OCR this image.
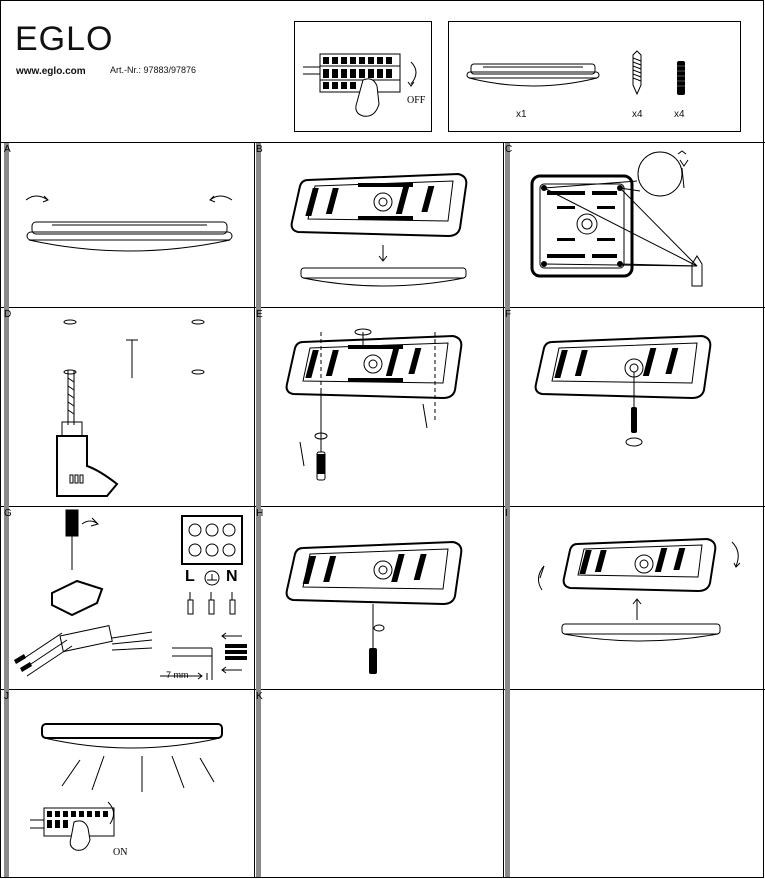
EGLO
www.eglo.com	Art.-Nr.: 97883/97876
OFF
x1	x4	x4
A	B	C
D	E	F
G	H	I
J	K
L N
7 mm
ON
